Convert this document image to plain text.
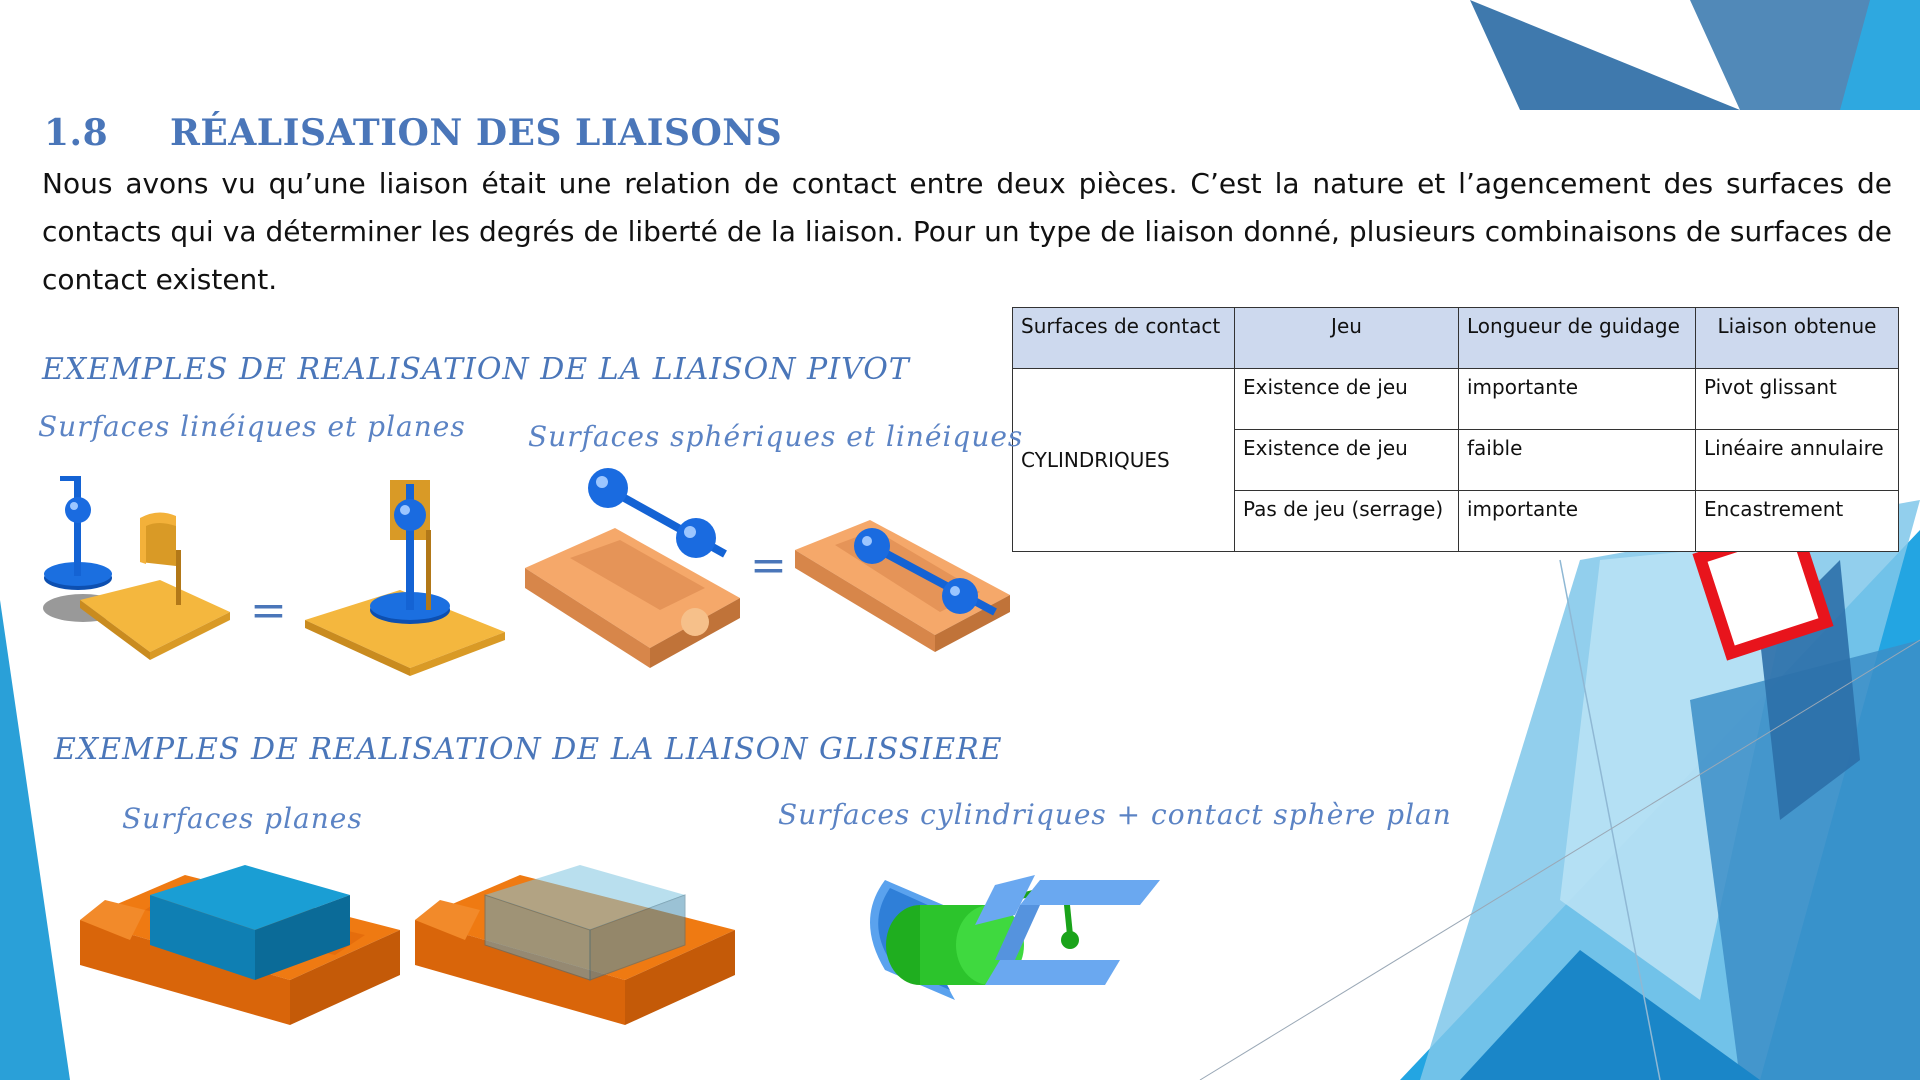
1.8 RÉALISATION DES LIAISONS
Nous avons vu qu’une liaison était une relation de contact entre deux pièces. C’est la nature et l’agencement des surfaces de contacts qui va déterminer les degrés de liberté de la liaison. Pour un type de liaison donné, plusieurs combinaisons de surfaces de contact existent.
Surfaces de contact	Jeu	Longueur de guidage	Liaison obtenue
CYLINDRIQUES	Existence de jeu	importante	Pivot glissant
	Existence de jeu	faible	Linéaire annulaire
	Pas de jeu (serrage)	importante	Encastrement
EXEMPLES DE REALISATION DE LA LIAISON PIVOT
Surfaces linéiques et planes Surfaces sphériques et linéiques
=
=
EXEMPLES DE REALISATION DE LA LIAISON GLISSIERE
Surfaces planes	Surfaces cylindriques + contact sphère plan
